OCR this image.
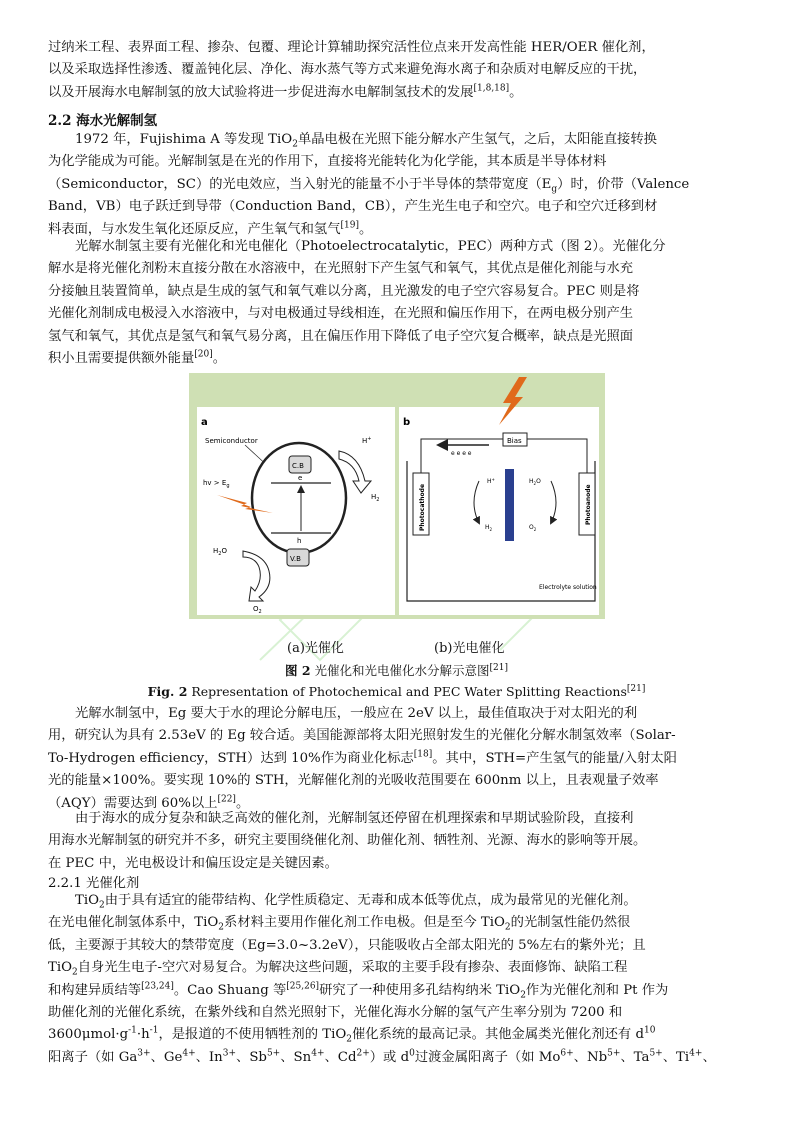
过纳米工程、表界面工程、掺杂、包覆、理论计算辅助探究活性位点来开发高性能 HER/OER 催化剂，
以及采取选择性渗透、覆盖钝化层、净化、海水蒸气等方式来避免海水离子和杂质对电解反应的干扰，
以及开展海水电解制氢的放大试验将进一步促进海水电解制氢技术的发展[1,8,18]。

2.2 海水光解制氢

1972 年，Fujishima A 等发现 TiO$_2$单晶电极在光照下能分解水产生氢气，之后，太阳能直接转换
为化学能成为可能。光解制氢是在光的作用下，直接将光能转化为化学能，其本质是半导体材料
（Semiconductor，SC）的光电效应，当入射光的能量不小于半导体的禁带宽度$(E_g)$时，价带（Valence
Band，VB）电子跃迁到导带（Conduction Band，CB），产生光生电子和空穴。电子和空穴迁移到材
料表面，与水发生氧化还原反应，产生氧气和氢气[19]。

光解水制氢主要有光催化和光电催化（Photoelectrocatalytic，PEC）两种方式（图 2）。光催化分
解水是将光催化剂粉末直接分散在水溶液中，在光照射下产生氢气和氧气，其优点是催化剂能与水充
分接触且装置简单，缺点是生成的氢气和氧气难以分离，且光激发的电子空穴容易复合。PEC 则是将
光催化剂制成电极浸入水溶液中，与对电极通过导线相连，在光照和偏压作用下，在两电极分别产生
氢气和氧气，其优点是氢气和氧气易分离，且在偏压作用下降低了电子空穴复合概率，缺点是光照面
积小且需要提供额外能量[20]。

a
Semiconductor
C.B
V.B
e
h
hv > $E_g$
H+
$H_2$
$H_2O$
$O_2$
b
Bias
e e e e
Photocathode	Photoanode
H+
$H_2$
$H_2O$
$O_2$
Electrolyte solution

(a)光催化	(b)光电催化

图 2 光催化和光电催化水分解示意图[21]

Fig. 2 Representation of Photochemical and PEC Water Splitting Reactions[21]

光解水制氢中，Eg 要大于水的理论分解电压，一般应在 2eV 以上，最佳值取决于对太阳光的利
用，研究认为具有 2.53eV 的 Eg 较合适。美国能源部将太阳光照射发生的光催化分解水制氢效率（Solar-
To-Hydrogen efficiency，STH）达到 10%作为商业化标志[18]。其中，STH=产生氢气的能量/入射太阳
光的能量×100%。要实现 10%的 STH，光解催化剂的光吸收范围要在 600nm 以上，且表观量子效率
（AQY）需要达到 60%以上[22]。

由于海水的成分复杂和缺乏高效的催化剂，光解制氢还停留在机理探索和早期试验阶段，直接利
用海水光解制氢的研究并不多，研究主要围绕催化剂、助催化剂、牺牲剂、光源、海水的影响等开展。
在 PEC 中，光电极设计和偏压设定是关键因素。

2.2.1 光催化剂

TiO$_2$由于具有适宜的能带结构、化学性质稳定、无毒和成本低等优点，成为最常见的光催化剂。
在光电催化制氢体系中，TiO$_2$系材料主要用作催化剂工作电极。但是至今 TiO$_2$的光制氢性能仍然很
低，主要源于其较大的禁带宽度（Eg=3.0~3.2eV），只能吸收占全部太阳光的 5%左右的紫外光；且
TiO$_2$自身光生电子-空穴对易复合。为解决这些问题，采取的主要手段有掺杂、表面修饰、缺陷工程
和构建异质结等[23,24]。Cao Shuang 等[25,26]研究了一种使用多孔结构纳米 TiO$_2$作为光催化剂和 Pt 作为
助催化剂的光催化系统，在紫外线和自然光照射下，光催化海水分解的氢气产生率分别为 7200 和
$3600\mu mol\cdot g^{-1}\cdot h^{-1}$，是报道的不使用牺牲剂的 TiO$_2$催化系统的最高记录。其他金属类光催化剂还有 $d^{10}$
阳离子（如 $Ga^{3+}$、$Ge^{4+}$、$In^{3+}$、$Sb^{5+}$、$Sn^{4+}$、$Cd^{2+}$）或 $d^0$过渡金属阳离子（如 $Mo^{6+}$、$Nb^{5+}$、$Ta^{5+}$、$Ti^{4+}$、
